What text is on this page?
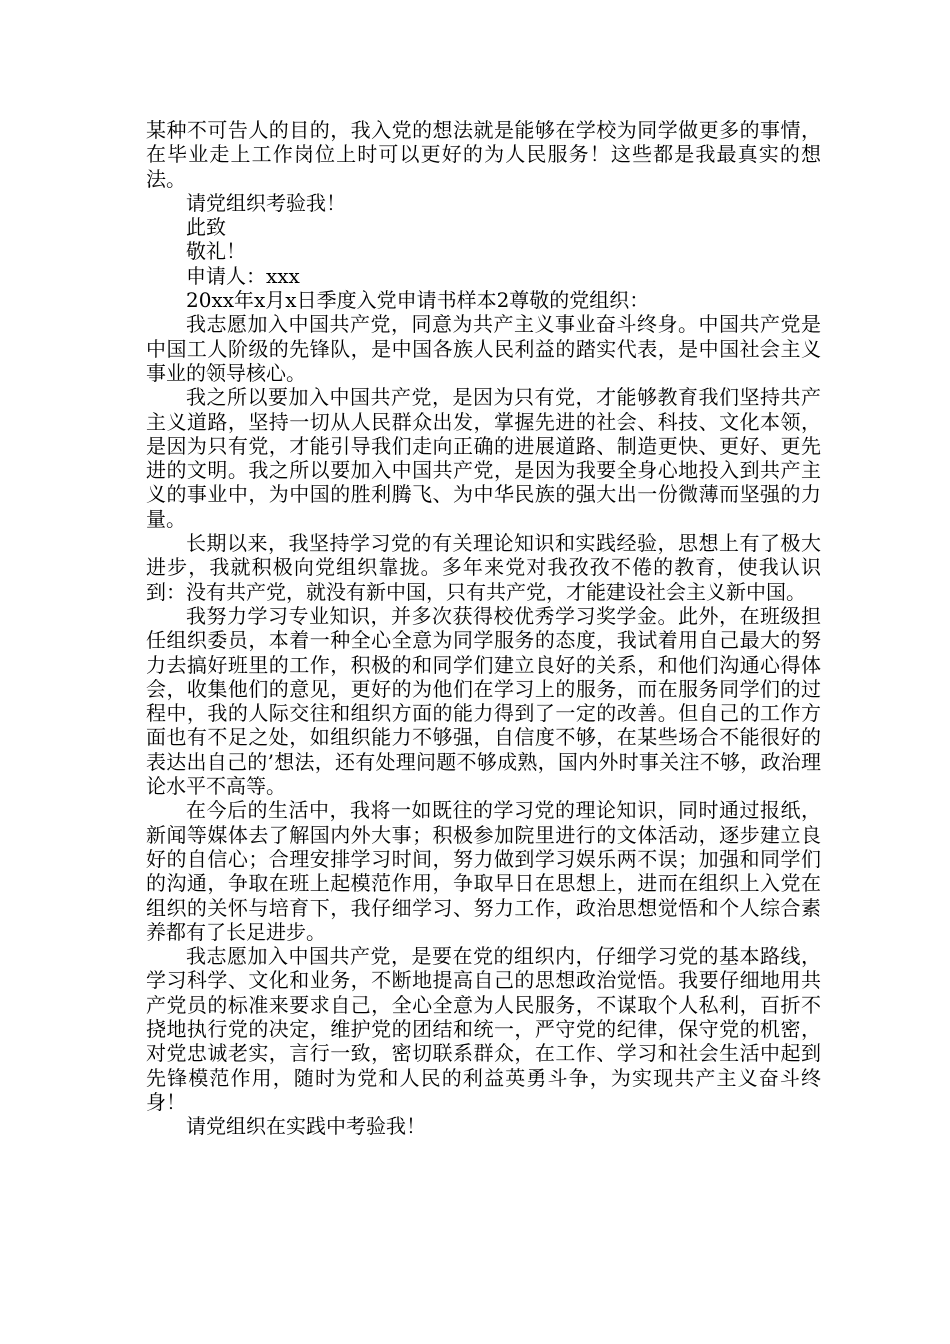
某种不可告人的目的，我入党的想法就是能够在学校为同学做更多的事情，在毕业走上工作岗位上时可以更好的为人民服务！这些都是我最真实的想法。

请党组织考验我！

此致

敬礼！

申请人：xxx

20xx年x月x日季度入党申请书样本2尊敬的党组织：

我志愿加入中国共产党，同意为共产主义事业奋斗终身。中国共产党是中国工人阶级的先锋队，是中国各族人民利益的踏实代表，是中国社会主义事业的领导核心。

我之所以要加入中国共产党，是因为只有党，才能够教育我们坚持共产主义道路，坚持一切从人民群众出发，掌握先进的社会、科技、文化本领，是因为只有党，才能引导我们走向正确的进展道路、制造更快、更好、更先进的文明。我之所以要加入中国共产党，是因为我要全身心地投入到共产主义的事业中，为中国的胜利腾飞、为中华民族的强大出一份微薄而坚强的力量。

长期以来，我坚持学习党的有关理论知识和实践经验，思想上有了极大进步，我就积极向党组织靠拢。多年来党对我孜孜不倦的教育，使我认识到：没有共产党，就没有新中国，只有共产党，才能建设社会主义新中国。

我努力学习专业知识，并多次获得校优秀学习奖学金。此外，在班级担任组织委员，本着一种全心全意为同学服务的态度，我试着用自己最大的努力去搞好班里的工作，积极的和同学们建立良好的关系，和他们沟通心得体会，收集他们的意见，更好的为他们在学习上的服务，而在服务同学们的过程中，我的人际交往和组织方面的能力得到了一定的改善。但自己的工作方面也有不足之处，如组织能力不够强，自信度不够，在某些场合不能很好的表达出自己的’想法，还有处理问题不够成熟，国内外时事关注不够，政治理论水平不高等。

在今后的生活中，我将一如既往的学习党的理论知识，同时通过报纸，新闻等媒体去了解国内外大事；积极参加院里进行的文体活动，逐步建立良好的自信心；合理安排学习时间，努力做到学习娱乐两不误；加强和同学们的沟通，争取在班上起模范作用，争取早日在思想上，进而在组织上入党在组织的关怀与培育下，我仔细学习、努力工作，政治思想觉悟和个人综合素养都有了长足进步。

我志愿加入中国共产党，是要在党的组织内，仔细学习党的基本路线，学习科学、文化和业务，不断地提高自己的思想政治觉悟。我要仔细地用共产党员的标准来要求自己，全心全意为人民服务，不谋取个人私利，百折不挠地执行党的决定，维护党的团结和统一，严守党的纪律，保守党的机密，对党忠诚老实，言行一致，密切联系群众，在工作、学习和社会生活中起到先锋模范作用，随时为党和人民的利益英勇斗争，为实现共产主义奋斗终身！

请党组织在实践中考验我！
